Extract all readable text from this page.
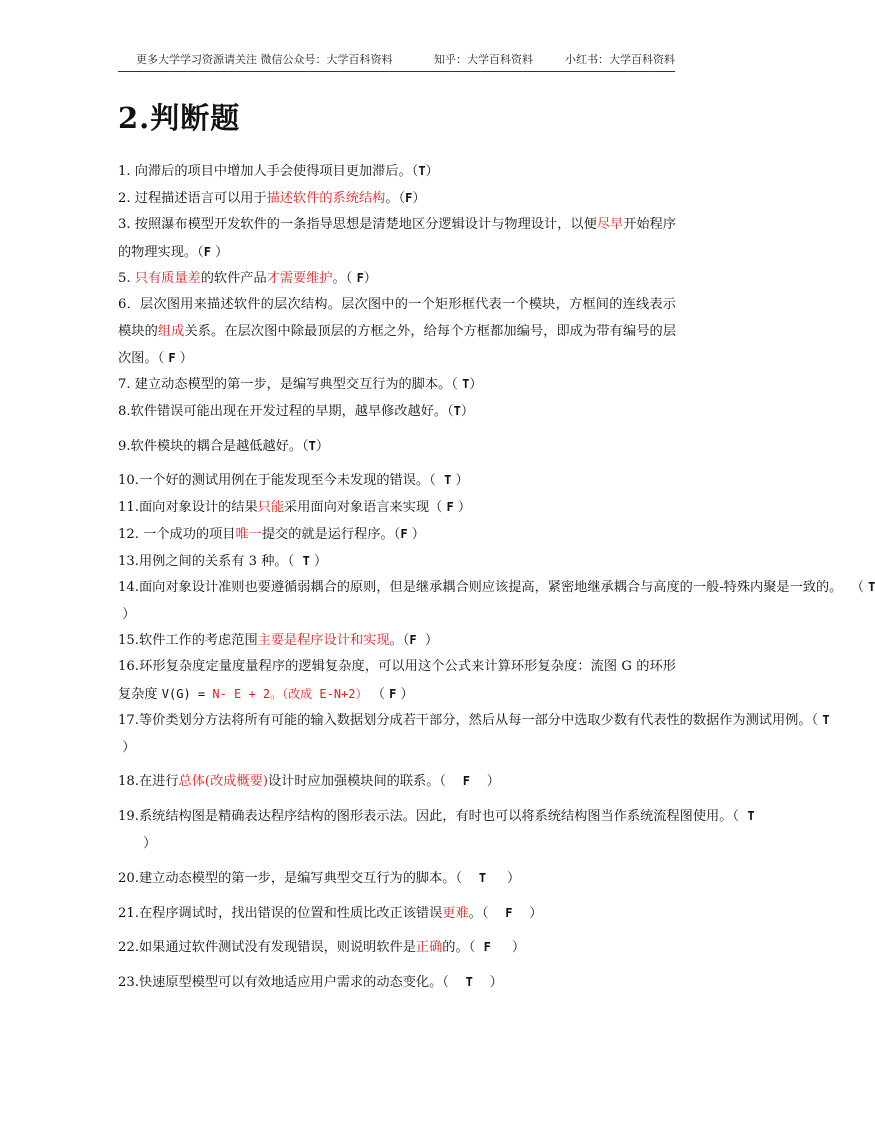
更多大学学习资源请关注 微信公众号：大学百科资料	知乎：大学百科资料	小红书：大学百科资料
2.判断题

1. 向滞后的项目中增加人手会使得项目更加滞后。（T）

2. 过程描述语言可以用于描述软件的系统结构。（F）

3. 按照瀑布模型开发软件的一条指导思想是清楚地区分逻辑设计与物理设计，以便尽早开始程序的物理实现。（F ）

5. 只有质量差的软件产品才需要维护。（ F）

6．层次图用来描述软件的层次结构。层次图中的一个矩形框代表一个模块，方框间的连线表示模块的组成关系。在层次图中除最顶层的方框之外，给每个方框都加编号，即成为带有编号的层次图。（ F ）

7. 建立动态模型的第一步，是编写典型交互行为的脚本。（ T）

8.软件错误可能出现在开发过程的早期，越早修改越好。（T）

9.软件模块的耦合是越低越好。（T）

10.一个好的测试用例在于能发现至今未发现的错误。（  T ）

11.面向对象设计的结果只能采用面向对象语言来实现（ F ）

12. 一个成功的项目唯一提交的就是运行程序。（F ）

13.用例之间的关系有 3 种。（  T ）

14.面向对象设计准则也要遵循弱耦合的原则，但是继承耦合则应该提高，紧密地继承耦合与高度的一般-特殊内聚是一致的。  （ T ）

15.软件工作的考虑范围主要是程序设计和实现。（F  ）

16.环形复杂度定量度量程序的逻辑复杂度，可以用这个公式来计算环形复杂度：流图 G 的环形复杂度 V(G) = N- E + 2。（改成 E-N+2） （ F ）

17.等价类划分方法将所有可能的输入数据划分成若干部分，然后从每一部分中选取少数有代表性的数据作为测试用例。（ T ）

18.在进行总体(改成概要)设计时应加强模块间的联系。（    F    ）

19.系统结构图是精确表达程序结构的图形表示法。因此，有时也可以将系统结构图当作系统流程图使用。（  T      ）

20.建立动态模型的第一步，是编写典型交互行为的脚本。（    T     ）

21.在程序调试时，找出错误的位置和性质比改正该错误更难。（    F    ）

22.如果通过软件测试没有发现错误，则说明软件是正确的。（  F     ）

23.快速原型模型可以有效地适应用户需求的动态变化。（    T    ）
